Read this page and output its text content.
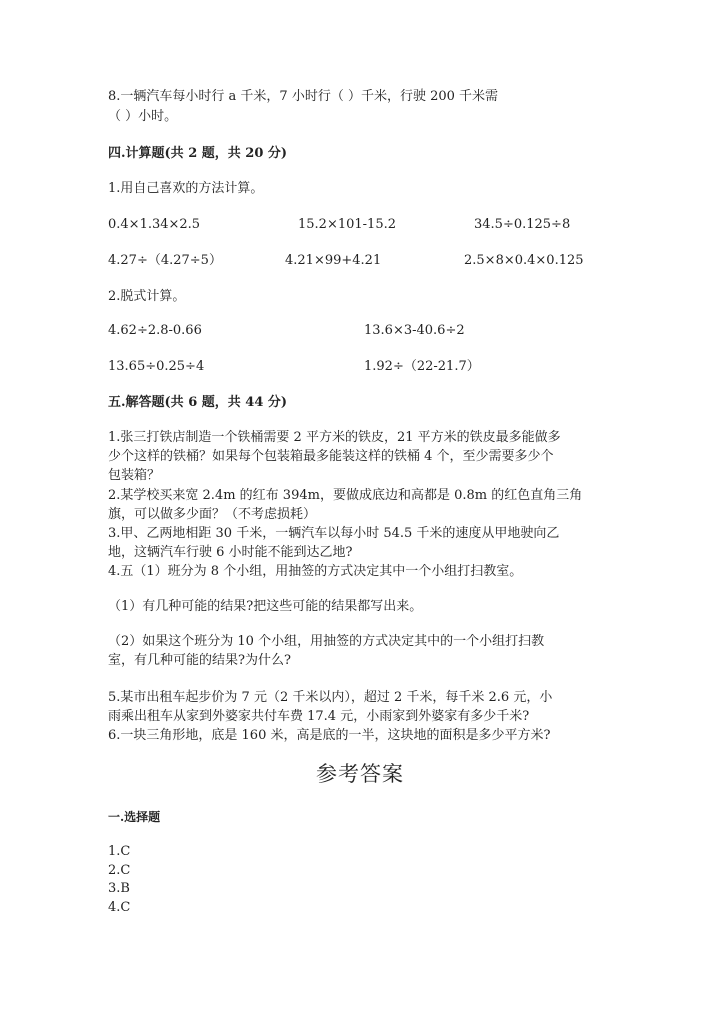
8.一辆汽车每小时行 a 千米，7 小时行（ ）千米，行驶 200 千米需
（ ）小时。
四.计算题(共 2 题，共 20 分)
1.用自己喜欢的方法计算。
0.4×1.34×2.5	15.2×101-15.2	34.5÷0.125÷8
4.27÷（4.27÷5）	4.21×99+4.21	2.5×8×0.4×0.125
2.脱式计算。
4.62÷2.8-0.66	13.6×3-40.6÷2
13.65÷0.25÷4	1.92÷（22-21.7）
五.解答题(共 6 题，共 44 分)
1.张三打铁店制造一个铁桶需要 2 平方米的铁皮，21 平方米的铁皮最多能做多
少个这样的铁桶？如果每个包装箱最多能装这样的铁桶 4 个，至少需要多少个
包装箱？
2.某学校买来宽 2.4m 的红布 394m，要做成底边和高都是 0.8m 的红色直角三角
旗，可以做多少面？（不考虑损耗）
3.甲、乙两地相距 30 千米，一辆汽车以每小时 54.5 千米的速度从甲地驶向乙
地，这辆汽车行驶 6 小时能不能到达乙地?
4.五（1）班分为 8 个小组，用抽签的方式决定其中一个小组打扫教室。
（1）有几种可能的结果?把这些可能的结果都写出来。
（2）如果这个班分为 10 个小组，用抽签的方式决定其中的一个小组打扫教
室，有几种可能的结果?为什么?
5.某市出租车起步价为 7 元（2 千米以内），超过 2 千米，每千米 2.6 元，小
雨乘出租车从家到外婆家共付车费 17.4 元，小雨家到外婆家有多少千米?
6.一块三角形地，底是 160 米，高是底的一半，这块地的面积是多少平方米?
参考答案
一.选择题
1.C
2.C
3.B
4.C
